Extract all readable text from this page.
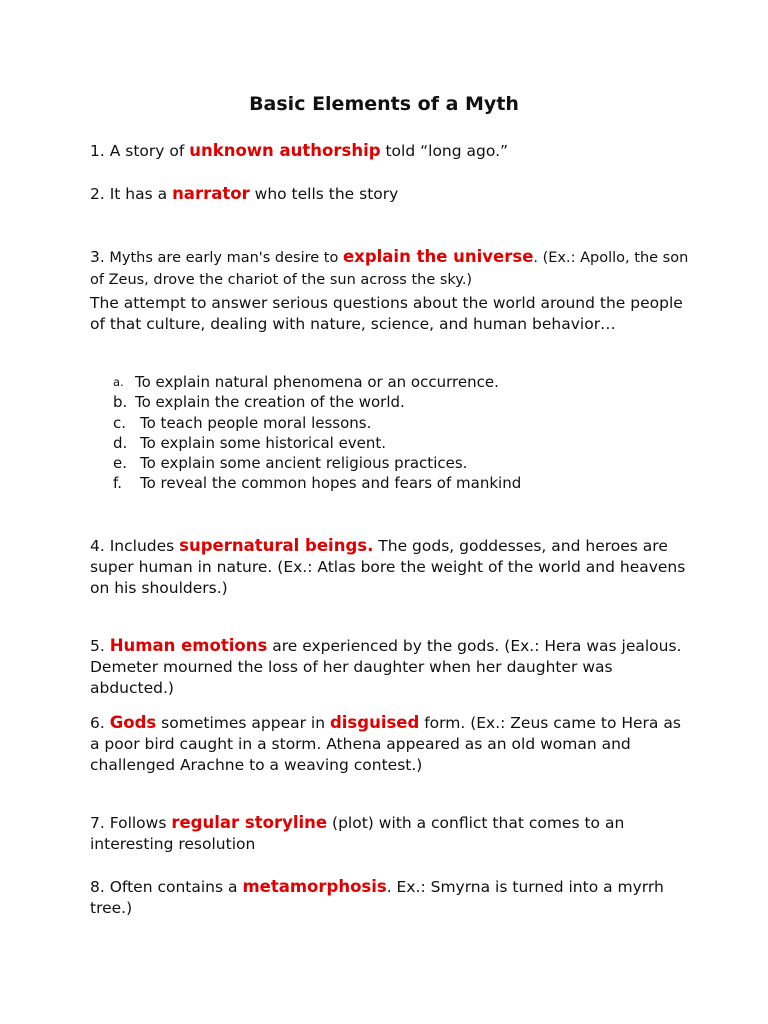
Basic Elements of a Myth
1. A story of unknown authorship told “long ago.”
2. It has a narrator who tells the story
3. Myths are early man's desire to explain the universe. (Ex.: Apollo, the son of Zeus, drove the chariot of the sun across the sky.)
The attempt to answer serious questions about the world around the people of that culture, dealing with nature, science, and human behavior…
a. To explain natural phenomena or an occurrence.
b. To explain the creation of the world.
c. To teach people moral lessons.
d. To explain some historical event.
e. To explain some ancient religious practices.
f.	To reveal the common hopes and fears of mankind
4. Includes supernatural beings. The gods, goddesses, and heroes are super human in nature. (Ex.: Atlas bore the weight of the world and heavens on his shoulders.)
5. Human emotions are experienced by the gods. (Ex.: Hera was jealous. Demeter mourned the loss of her daughter when her daughter was abducted.)
6. Gods sometimes appear in disguised form. (Ex.: Zeus came to Hera as a poor bird caught in a storm. Athena appeared as an old woman and challenged Arachne to a weaving contest.)
7. Follows regular storyline (plot) with a conflict that comes to an interesting resolution
8. Often contains a metamorphosis. Ex.: Smyrna is turned into a myrrh tree.)
